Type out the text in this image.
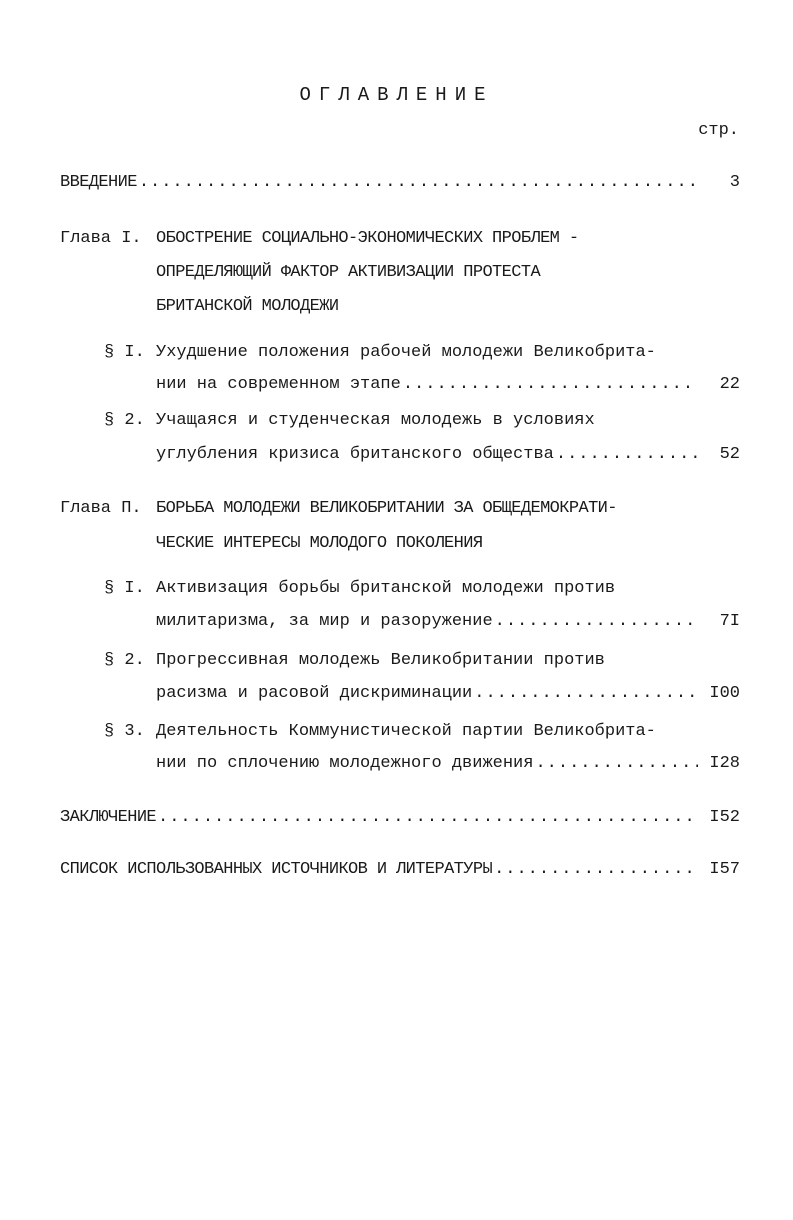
ОГЛАВЛЕНИЕ
стр.
ВВЕДЕНИЕ .....	3
Глава I. ОБОСТРЕНИЕ СОЦИАЛЬНО-ЭКОНОМИЧЕСКИХ ПРОБЛЕМ -
ОПРЕДЕЛЯЮЩИЙ ФАКТОР АКТИВИЗАЦИИ ПРОТЕСТА
БРИТАНСКОЙ МОЛОДЕЖИ
§ I. Ухудшение положения рабочей молодежи Великобрита-
нии на современном этапе .....	22
§ 2. Учащаяся и студенческая молодежь в условиях
углубления кризиса британского общества .....	52
Глава П. БОРЬБА МОЛОДЕЖИ ВЕЛИКОБРИТАНИИ ЗА ОБЩЕДЕМОКРАТИ-
ЧЕСКИЕ ИНТЕРЕСЫ МОЛОДОГО ПОКОЛЕНИЯ
§ I. Активизация борьбы британской молодежи против
милитаризма, за мир и разоружение .....	7I
§ 2. Прогрессивная молодежь Великобритании против
расизма и расовой дискриминации .....	I00
§ 3. Деятельность Коммунистической партии Великобрита-
нии по сплочению молодежного движения .....	I28
ЗАКЛЮЧЕНИЕ .....	I52
СПИСОК ИСПОЛЬЗОВАННЫХ ИСТОЧНИКОВ И ЛИТЕРАТУРЫ .....	I57
